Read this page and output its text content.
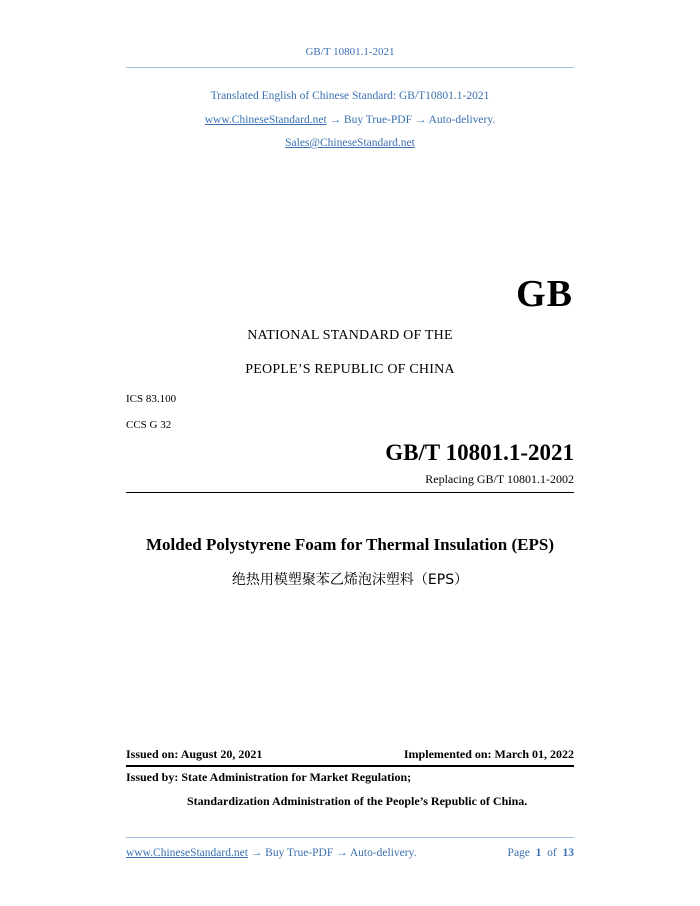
GB/T 10801.1-2021
Translated English of Chinese Standard: GB/T10801.1-2021
www.ChineseStandard.net → Buy True-PDF → Auto-delivery.
Sales@ChineseStandard.net
GB
NATIONAL STANDARD OF THE
PEOPLE’S REPUBLIC OF CHINA
ICS 83.100
CCS G 32
GB/T 10801.1-2021
Replacing GB/T 10801.1-2002
Molded Polystyrene Foam for Thermal Insulation (EPS)
绝热用模塑聚苯乙烯泡沫塑料（EPS）
Issued on: August 20, 2021	Implemented on: March 01, 2022
Issued by: State Administration for Market Regulation;
Standardization Administration of the People’s Republic of China.
www.ChineseStandard.net → Buy True-PDF → Auto-delivery.	Page 1 of 13
